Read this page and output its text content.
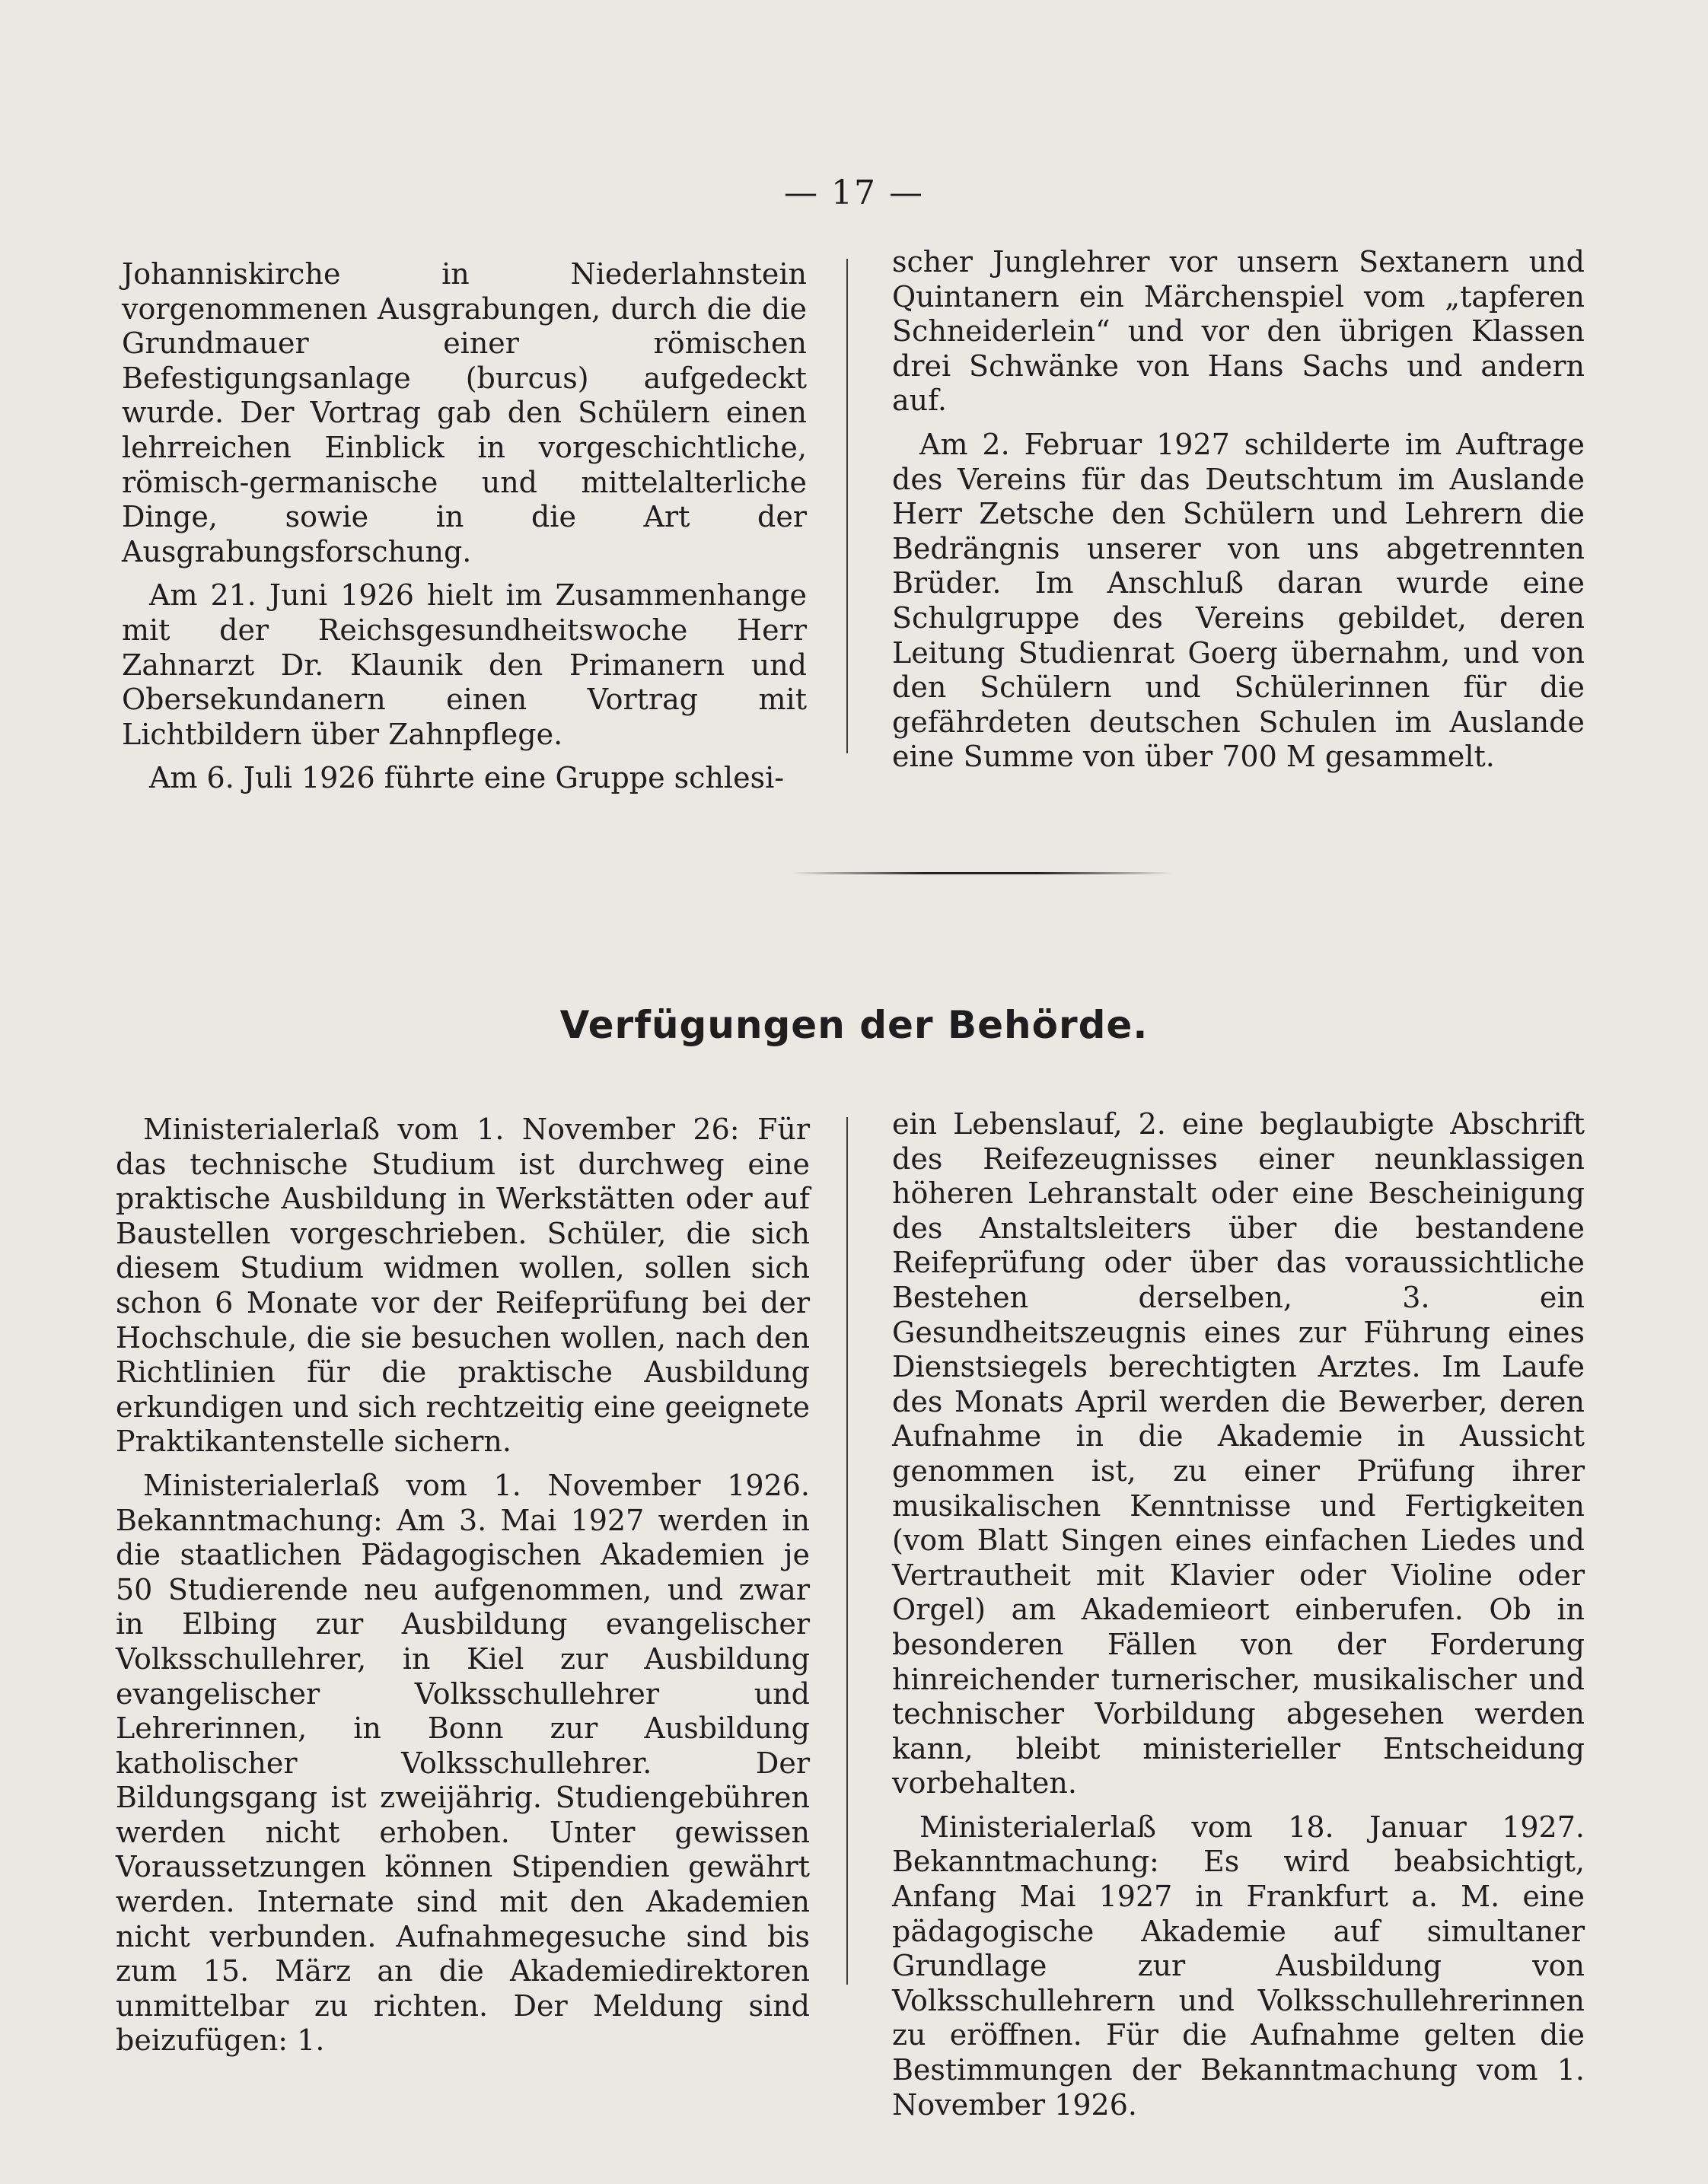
— 17 —

Johanniskirche in Niederlahnstein vorgenommenen Ausgrabungen, durch die die Grundmauer einer römischen Befestigungsanlage (burcus) aufgedeckt wurde. Der Vortrag gab den Schülern einen lehrreichen Einblick in vorgeschichtliche, römisch-germanische und mittelalterliche Dinge, sowie in die Art der Ausgrabungsforschung.

Am 21. Juni 1926 hielt im Zusammenhange mit der Reichsgesundheitswoche Herr Zahnarzt Dr. Klaunik den Primanern und Obersekundanern einen Vortrag mit Lichtbildern über Zahnpflege.

Am 6. Juli 1926 führte eine Gruppe schlesi-

scher Junglehrer vor unsern Sextanern und Quintanern ein Märchenspiel vom „tapferen Schneiderlein“ und vor den übrigen Klassen drei Schwänke von Hans Sachs und andern auf.

Am 2. Februar 1927 schilderte im Auftrage des Vereins für das Deutschtum im Auslande Herr Zetsche den Schülern und Lehrern die Bedrängnis unserer von uns abgetrennten Brüder. Im Anschluß daran wurde eine Schulgruppe des Vereins gebildet, deren Leitung Studienrat Goerg übernahm, und von den Schülern und Schülerinnen für die gefährdeten deutschen Schulen im Auslande eine Summe von über 700 M gesammelt.

Verfügungen der Behörde.

Ministerialerlaß vom 1. November 26: Für das technische Studium ist durchweg eine praktische Ausbildung in Werkstätten oder auf Baustellen vorgeschrieben. Schüler, die sich diesem Studium widmen wollen, sollen sich schon 6 Monate vor der Reifeprüfung bei der Hochschule, die sie besuchen wollen, nach den Richtlinien für die praktische Ausbildung erkundigen und sich rechtzeitig eine geeignete Praktikantenstelle sichern.

Ministerialerlaß vom 1. November 1926. Bekanntmachung: Am 3. Mai 1927 werden in die staatlichen Pädagogischen Akademien je 50 Studierende neu aufgenommen, und zwar in Elbing zur Ausbildung evangelischer Volksschullehrer, in Kiel zur Ausbildung evangelischer Volksschullehrer und Lehrerinnen, in Bonn zur Ausbildung katholischer Volksschullehrer. Der Bildungsgang ist zweijährig. Studiengebühren werden nicht erhoben. Unter gewissen Voraussetzungen können Stipendien gewährt werden. Internate sind mit den Akademien nicht verbunden. Aufnahmegesuche sind bis zum 15. März an die Akademiedirektoren unmittelbar zu richten. Der Meldung sind beizufügen: 1.

ein Lebenslauf, 2. eine beglaubigte Abschrift des Reifezeugnisses einer neunklassigen höheren Lehranstalt oder eine Bescheinigung des Anstaltsleiters über die bestandene Reifeprüfung oder über das voraussichtliche Bestehen derselben, 3. ein Gesundheitszeugnis eines zur Führung eines Dienstsiegels berechtigten Arztes. Im Laufe des Monats April werden die Bewerber, deren Aufnahme in die Akademie in Aussicht genommen ist, zu einer Prüfung ihrer musikalischen Kenntnisse und Fertigkeiten (vom Blatt Singen eines einfachen Liedes und Vertrautheit mit Klavier oder Violine oder Orgel) am Akademieort einberufen. Ob in besonderen Fällen von der Forderung hinreichender turnerischer, musikalischer und technischer Vorbildung abgesehen werden kann, bleibt ministerieller Entscheidung vorbehalten.

Ministerialerlaß vom 18. Januar 1927. Bekanntmachung: Es wird beabsichtigt, Anfang Mai 1927 in Frankfurt a. M. eine pädagogische Akademie auf simultaner Grundlage zur Ausbildung von Volksschullehrern und Volksschullehrerinnen zu eröffnen. Für die Aufnahme gelten die Bestimmungen der Bekanntmachung vom 1. November 1926.
